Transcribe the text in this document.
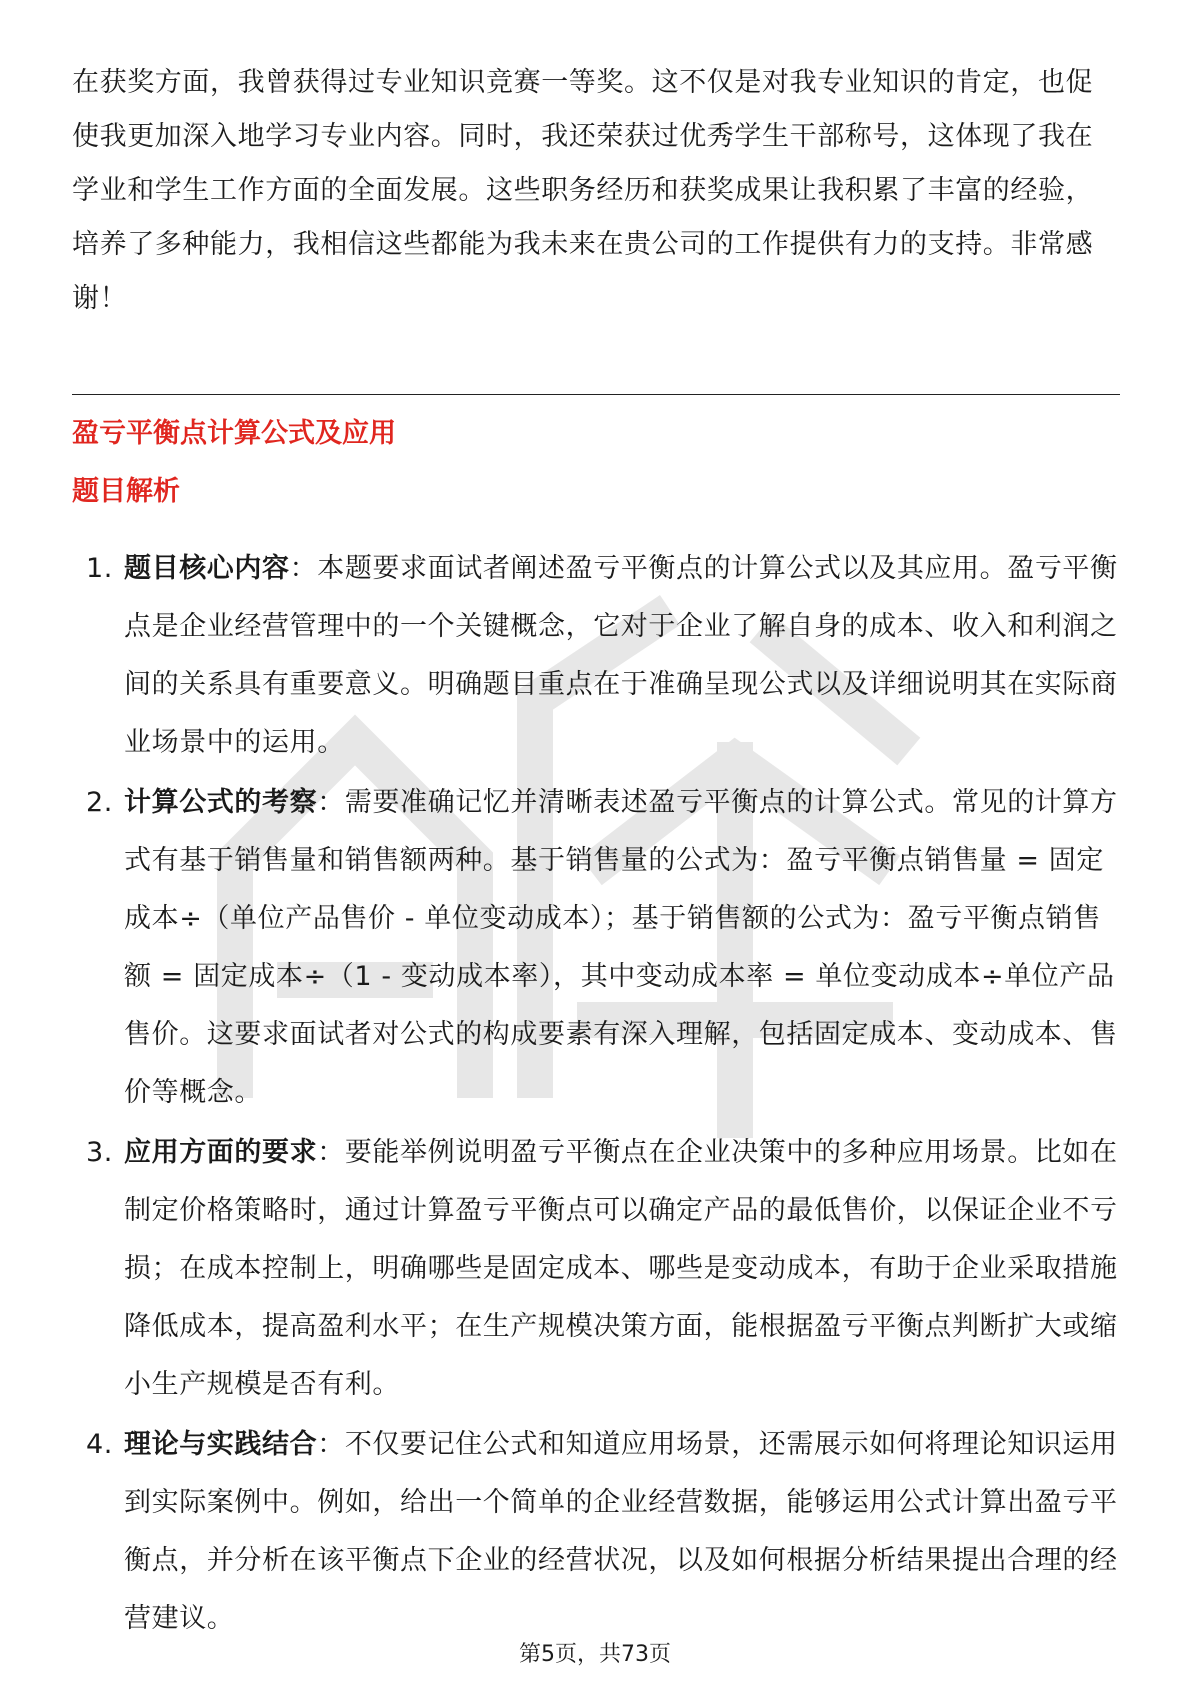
在获奖方面，我曾获得过专业知识竞赛一等奖。这不仅是对我专业知识的肯定，也促使我更加深入地学习专业内容。同时，我还荣获过优秀学生干部称号，这体现了我在学业和学生工作方面的全面发展。这些职务经历和获奖成果让我积累了丰富的经验，培养了多种能力，我相信这些都能为我未来在贵公司的工作提供有力的支持。非常感谢！

盈亏平衡点计算公式及应用
题目解析
1. 题目核心内容：本题要求面试者阐述盈亏平衡点的计算公式以及其应用。盈亏平衡点是企业经营管理中的一个关键概念，它对于企业了解自身的成本、收入和利润之间的关系具有重要意义。明确题目重点在于准确呈现公式以及详细说明其在实际商业场景中的运用。
2. 计算公式的考察：需要准确记忆并清晰表述盈亏平衡点的计算公式。常见的计算方式有基于销售量和销售额两种。基于销售量的公式为：盈亏平衡点销售量 = 固定成本÷（单位产品售价 - 单位变动成本）；基于销售额的公式为：盈亏平衡点销售额 = 固定成本÷（1 - 变动成本率），其中变动成本率 = 单位变动成本÷单位产品售价。这要求面试者对公式的构成要素有深入理解，包括固定成本、变动成本、售价等概念。
3. 应用方面的要求：要能举例说明盈亏平衡点在企业决策中的多种应用场景。比如在制定价格策略时，通过计算盈亏平衡点可以确定产品的最低售价，以保证企业不亏损；在成本控制上，明确哪些是固定成本、哪些是变动成本，有助于企业采取措施降低成本，提高盈利水平；在生产规模决策方面，能根据盈亏平衡点判断扩大或缩小生产规模是否有利。
4. 理论与实践结合：不仅要记住公式和知道应用场景，还需展示如何将理论知识运用到实际案例中。例如，给出一个简单的企业经营数据，能够运用公式计算出盈亏平衡点，并分析在该平衡点下企业的经营状况，以及如何根据分析结果提出合理的经营建议。
第5页，共73页
